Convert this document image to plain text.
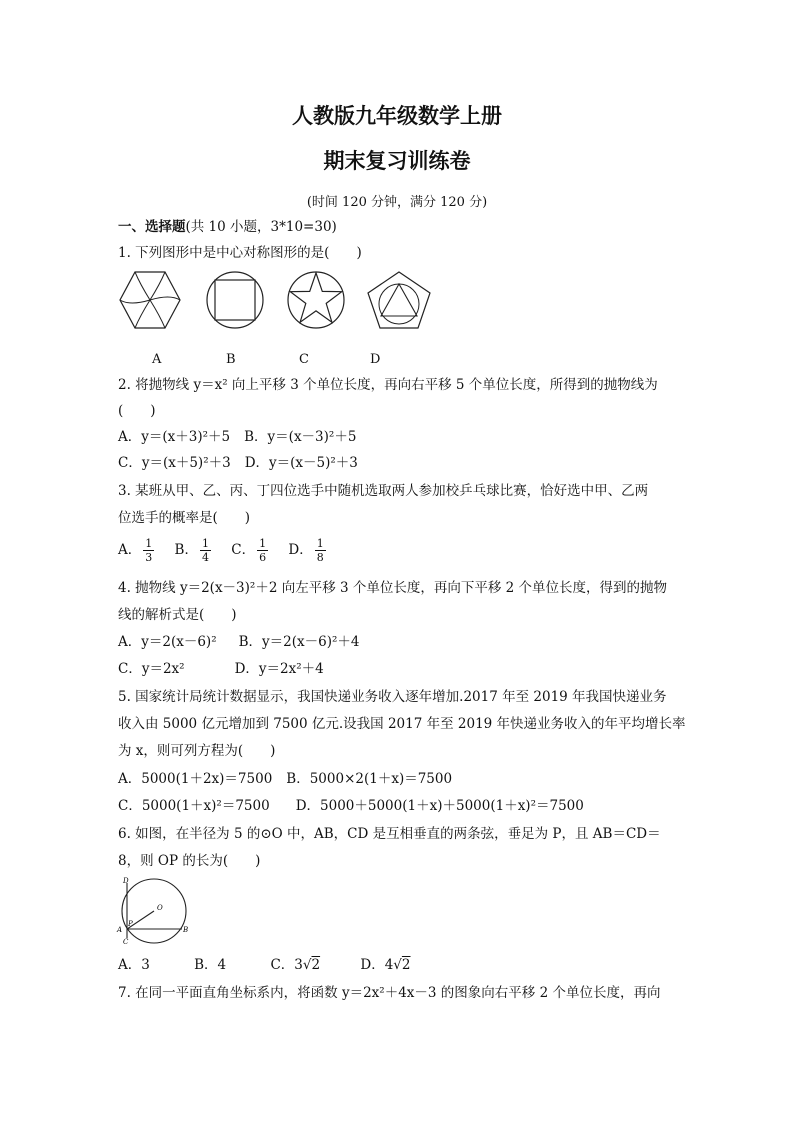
人教版九年级数学上册
期末复习训练卷
(时间 120 分钟，满分 120 分)
一、选择题(共 10 小题，3*10=30)
1. 下列图形中是中心对称图形的是(　　)
A	B	C	D
2. 将抛物线 y＝x² 向上平移 3 个单位长度，再向右平移 5 个单位长度，所得到的抛物线为
(　　)
A．y＝(x＋3)²＋5 B．y＝(x－3)²＋5
C．y＝(x＋5)²＋3 D．y＝(x－5)²＋3
3. 某班从甲、乙、丙、丁四位选手中随机选取两人参加校乒乓球比赛，恰好选中甲、乙两
位选手的概率是(　　)
A． $\frac{1}{3}$ B． $\frac{1}{4}$ C． $\frac{1}{6}$ D． $\frac{1}{8}$
4. 抛物线 y＝2(x－3)²＋2 向左平移 3 个单位长度，再向下平移 2 个单位长度，得到的抛物
线的解析式是(　　)
A．y＝2(x－6)² B．y＝2(x－6)²＋4
C．y＝2x²	D．y＝2x²＋4
5. 国家统计局统计数据显示，我国快递业务收入逐年增加.2017 年至 2019 年我国快递业务
收入由 5000 亿元增加到 7500 亿元.设我国 2017 年至 2019 年快递业务收入的年平均增长率
为 x，则可列方程为(　　)
A．5000(1＋2x)＝7500 B．5000×2(1＋x)＝7500
C．5000(1＋x)²＝7500 D．5000＋5000(1＋x)＋5000(1＋x)²＝7500
6. 如图，在半径为 5 的⊙O 中，AB，CD 是互相垂直的两条弦，垂足为 P，且 AB＝CD＝
8，则 OP 的长为(　　)
D
O
C
A
P
B
A．3	B．4	C．3√2	D．4√2
7. 在同一平面直角坐标系内，将函数 y＝2x²＋4x－3 的图象向右平移 2 个单位长度，再向
